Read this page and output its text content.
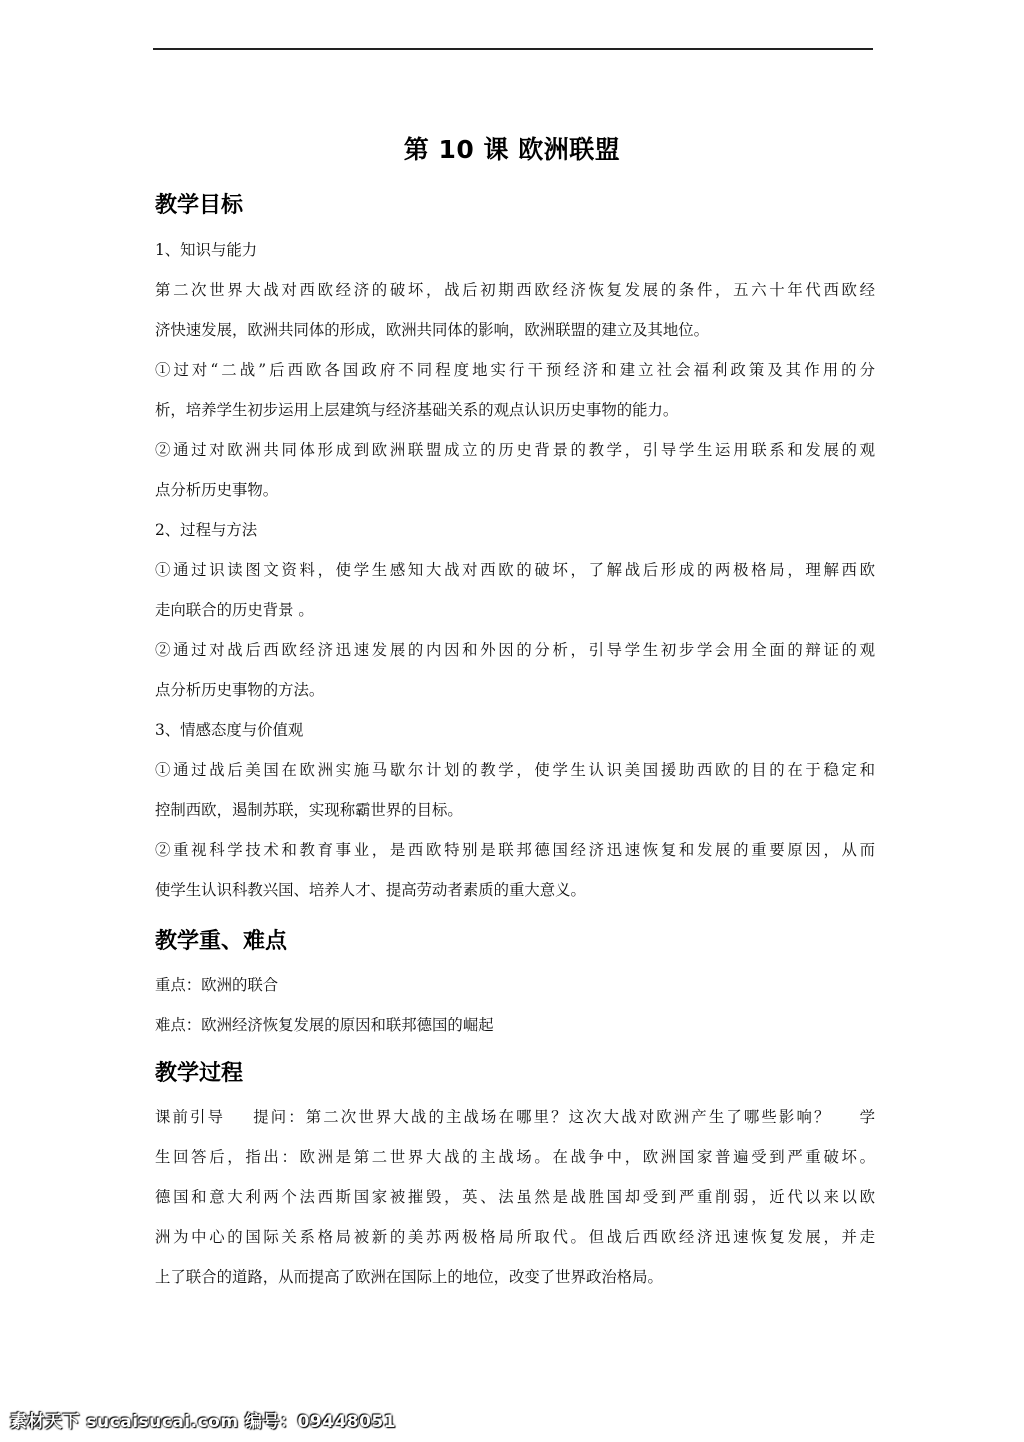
第 10 课 欧洲联盟
教学目标
1、知识与能力
第二次世界大战对西欧经济的破坏，战后初期西欧经济恢复发展的条件，五六十年代西欧经
济快速发展，欧洲共同体的形成，欧洲共同体的影响，欧洲联盟的建立及其地位。
①过对“二战”后西欧各国政府不同程度地实行干预经济和建立社会福利政策及其作用的分
析，培养学生初步运用上层建筑与经济基础关系的观点认识历史事物的能力。
②通过对欧洲共同体形成到欧洲联盟成立的历史背景的教学，引导学生运用联系和发展的观
点分析历史事物。
2、过程与方法
①通过识读图文资料，使学生感知大战对西欧的破坏，了解战后形成的两极格局，理解西欧
走向联合的历史背景 。
②通过对战后西欧经济迅速发展的内因和外因的分析，引导学生初步学会用全面的辩证的观
点分析历史事物的方法。
3、情感态度与价值观
①通过战后美国在欧洲实施马歇尔计划的教学，使学生认识美国援助西欧的目的在于稳定和
控制西欧，遏制苏联，实现称霸世界的目标。
②重视科学技术和教育事业，是西欧特别是联邦德国经济迅速恢复和发展的重要原因，从而
使学生认识科教兴国、培养人才、提高劳动者素质的重大意义。
教学重、难点
重点：欧洲的联合
难点：欧洲经济恢复发展的原因和联邦德国的崛起
教学过程
课前引导    提问：第二次世界大战的主战场在哪里？这次大战对欧洲产生了哪些影响？    学
生回答后，指出：欧洲是第二世界大战的主战场。在战争中，欧洲国家普遍受到严重破坏。
德国和意大利两个法西斯国家被摧毁，英、法虽然是战胜国却受到严重削弱，近代以来以欧
洲为中心的国际关系格局被新的美苏两极格局所取代。但战后西欧经济迅速恢复发展，并走
上了联合的道路，从而提高了欧洲在国际上的地位，改变了世界政治格局。
素材天下 sucaisucai.com 编号：09448051
